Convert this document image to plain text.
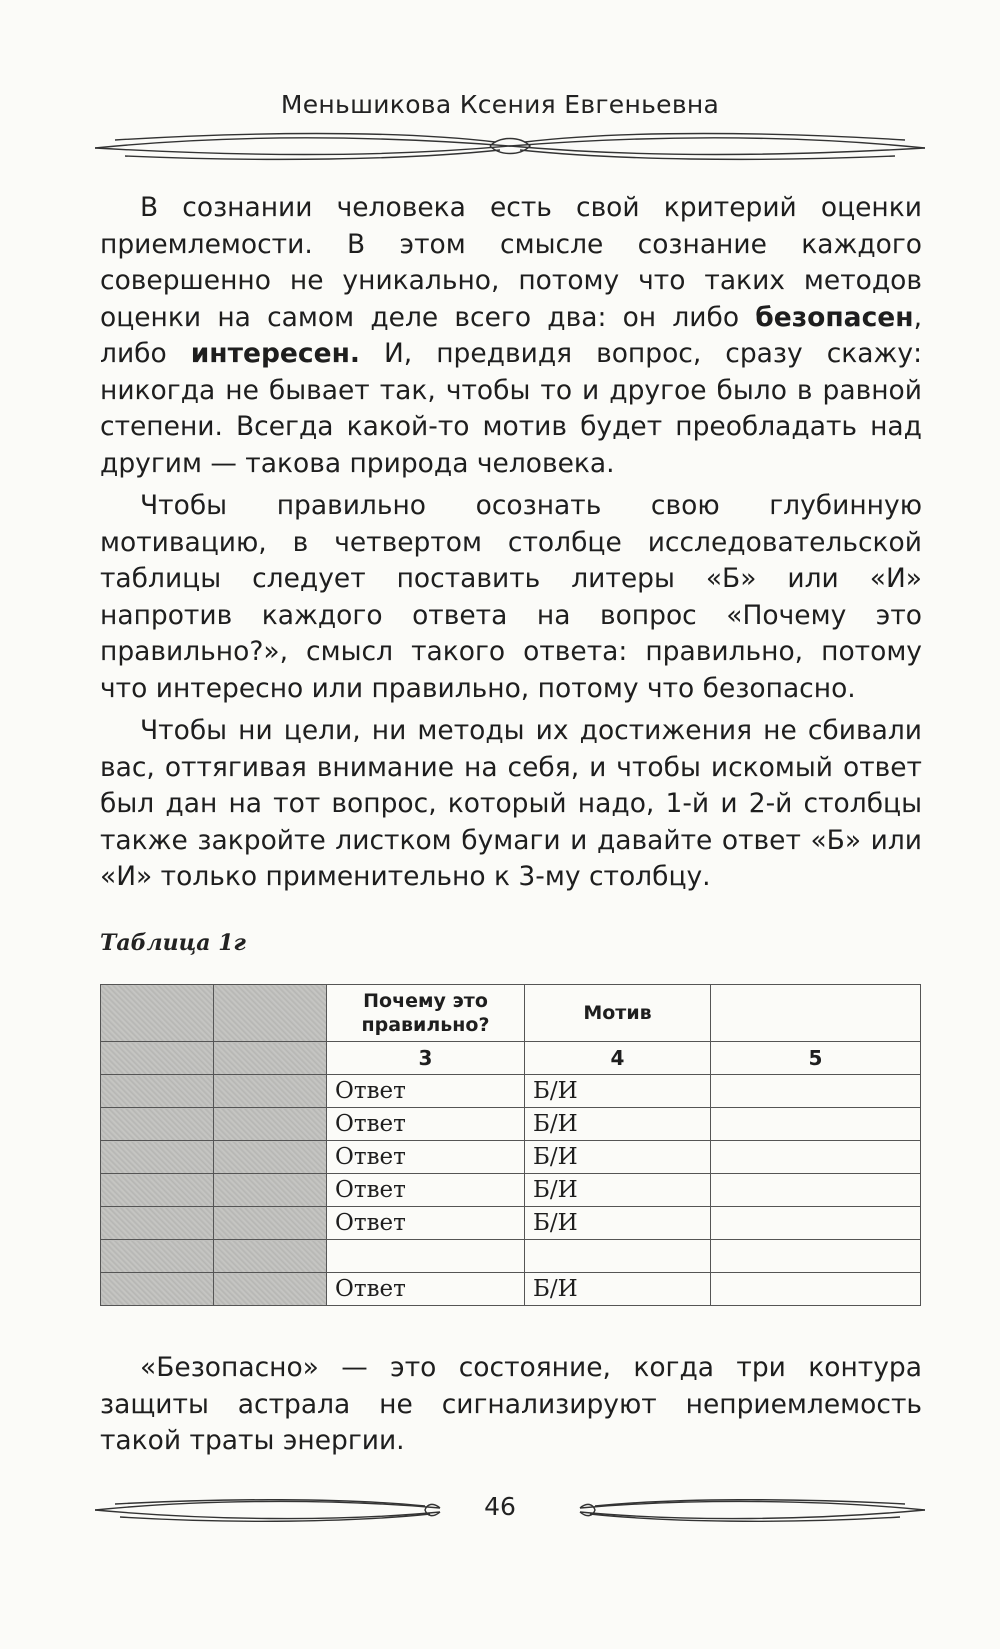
Меньшикова Ксения Евгеньевна

В сознании человека есть свой критерий оценки приемлемости. В этом смысле сознание каждого совершенно не уникально, потому что таких методов оценки на самом деле всего два: он либо безопасен, либо интересен. И, предвидя вопрос, сразу скажу: никогда не бывает так, чтобы то и другое было в равной степени. Всегда какой-то мотив будет преобладать над другим — такова природа человека.

Чтобы правильно осознать свою глубинную мотивацию, в четвертом столбце исследовательской таблицы следует поставить литеры «Б» или «И» напротив каждого ответа на вопрос «Почему это правильно?», смысл такого ответа: правильно, потому что интересно или правильно, потому что безопасно.

Чтобы ни цели, ни методы их достижения не сбивали вас, оттягивая внимание на себя, и чтобы искомый ответ был дан на тот вопрос, который надо, 1-й и 2-й столбцы также закройте листком бумаги и давайте ответ «Б» или «И» только применительно к 3-му столбцу.

Таблица 1г
		Почему это правильно?	Мотив	
		3	4	5
		Ответ	Б/И	
		Ответ	Б/И	
		Ответ	Б/И	
		Ответ	Б/И	
		Ответ	Б/И	

		Ответ	Б/И	

«Безопасно» — это состояние, когда три контура защиты астрала не сигнализируют неприемлемость такой траты энергии.

46
